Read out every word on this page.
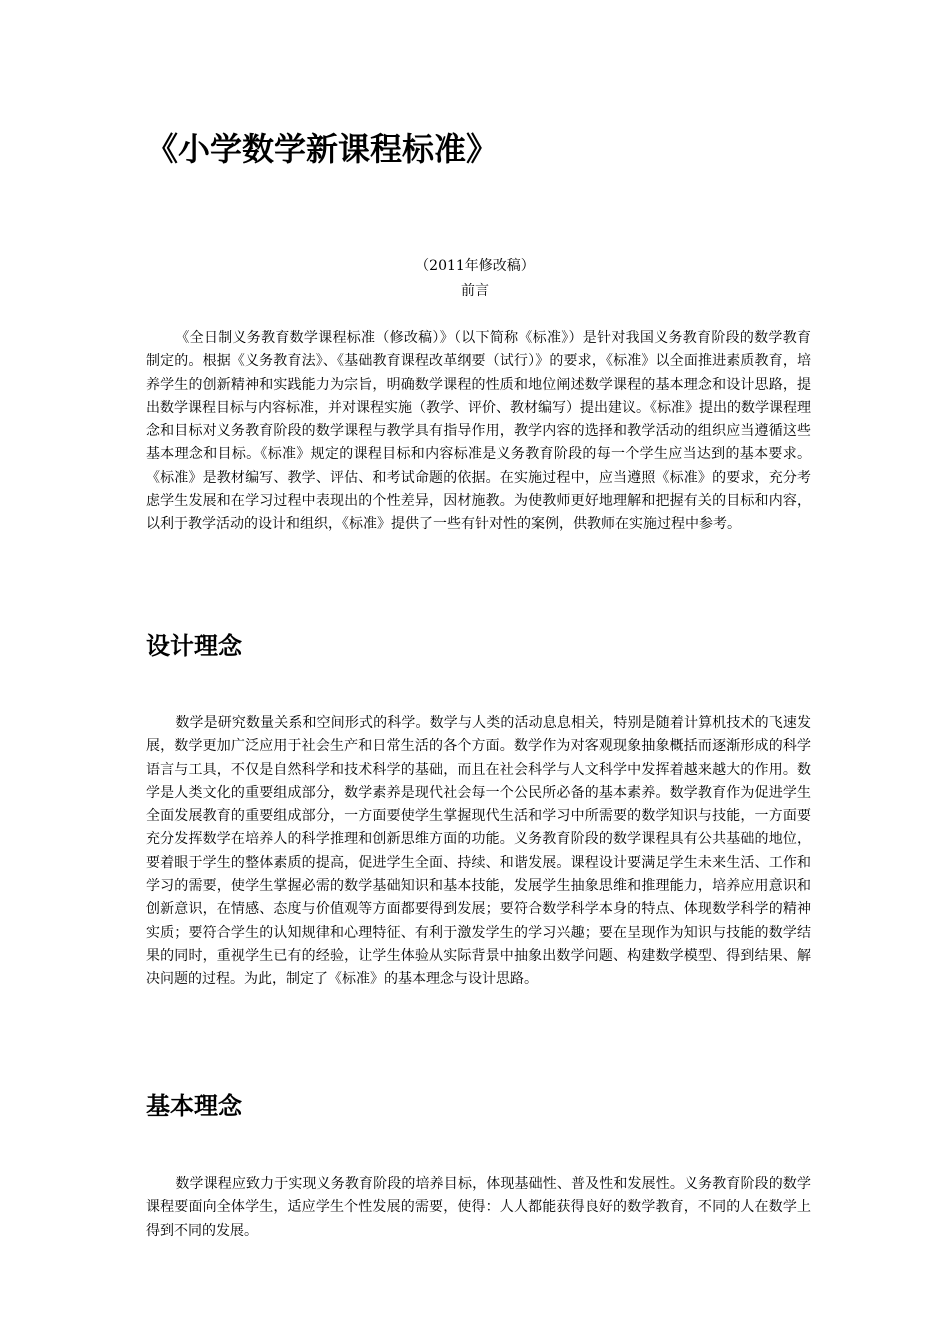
《小学数学新课程标准》

（2011年修改稿）

前言

《全日制义务教育数学课程标准（修改稿）》（以下简称《标准》）是针对我国义务教育阶段的数学教育制定的。根据《义务教育法》、《基础教育课程改革纲要（试行）》的要求，《标准》以全面推进素质教育，培养学生的创新精神和实践能力为宗旨，明确数学课程的性质和地位阐述数学课程的基本理念和设计思路，提出数学课程目标与内容标准，并对课程实施（教学、评价、教材编写）提出建议。《标准》提出的数学课程理念和目标对义务教育阶段的数学课程与教学具有指导作用，教学内容的选择和教学活动的组织应当遵循这些基本理念和目标。《标准》规定的课程目标和内容标准是义务教育阶段的每一个学生应当达到的基本要求。《标准》是教材编写、教学、评估、和考试命题的依据。在实施过程中，应当遵照《标准》的要求，充分考虑学生发展和在学习过程中表现出的个性差异，因材施教。为使教师更好地理解和把握有关的目标和内容，以利于教学活动的设计和组织，《标准》提供了一些有针对性的案例，供教师在实施过程中参考。

设计理念

数学是研究数量关系和空间形式的科学。数学与人类的活动息息相关，特别是随着计算机技术的飞速发展，数学更加广泛应用于社会生产和日常生活的各个方面。数学作为对客观现象抽象概括而逐渐形成的科学语言与工具，不仅是自然科学和技术科学的基础，而且在社会科学与人文科学中发挥着越来越大的作用。数学是人类文化的重要组成部分，数学素养是现代社会每一个公民所必备的基本素养。数学教育作为促进学生全面发展教育的重要组成部分，一方面要使学生掌握现代生活和学习中所需要的数学知识与技能，一方面要充分发挥数学在培养人的科学推理和创新思维方面的功能。义务教育阶段的数学课程具有公共基础的地位，要着眼于学生的整体素质的提高，促进学生全面、持续、和谐发展。课程设计要满足学生未来生活、工作和学习的需要，使学生掌握必需的数学基础知识和基本技能，发展学生抽象思维和推理能力，培养应用意识和创新意识，在情感、态度与价值观等方面都要得到发展；要符合数学科学本身的特点、体现数学科学的精神实质；要符合学生的认知规律和心理特征、有利于激发学生的学习兴趣；要在呈现作为知识与技能的数学结果的同时，重视学生已有的经验，让学生体验从实际背景中抽象出数学问题、构建数学模型、得到结果、解决问题的过程。为此，制定了《标准》的基本理念与设计思路。

基本理念

数学课程应致力于实现义务教育阶段的培养目标，体现基础性、普及性和发展性。义务教育阶段的数学课程要面向全体学生，适应学生个性发展的需要，使得：人人都能获得良好的数学教育，不同的人在数学上得到不同的发展。
